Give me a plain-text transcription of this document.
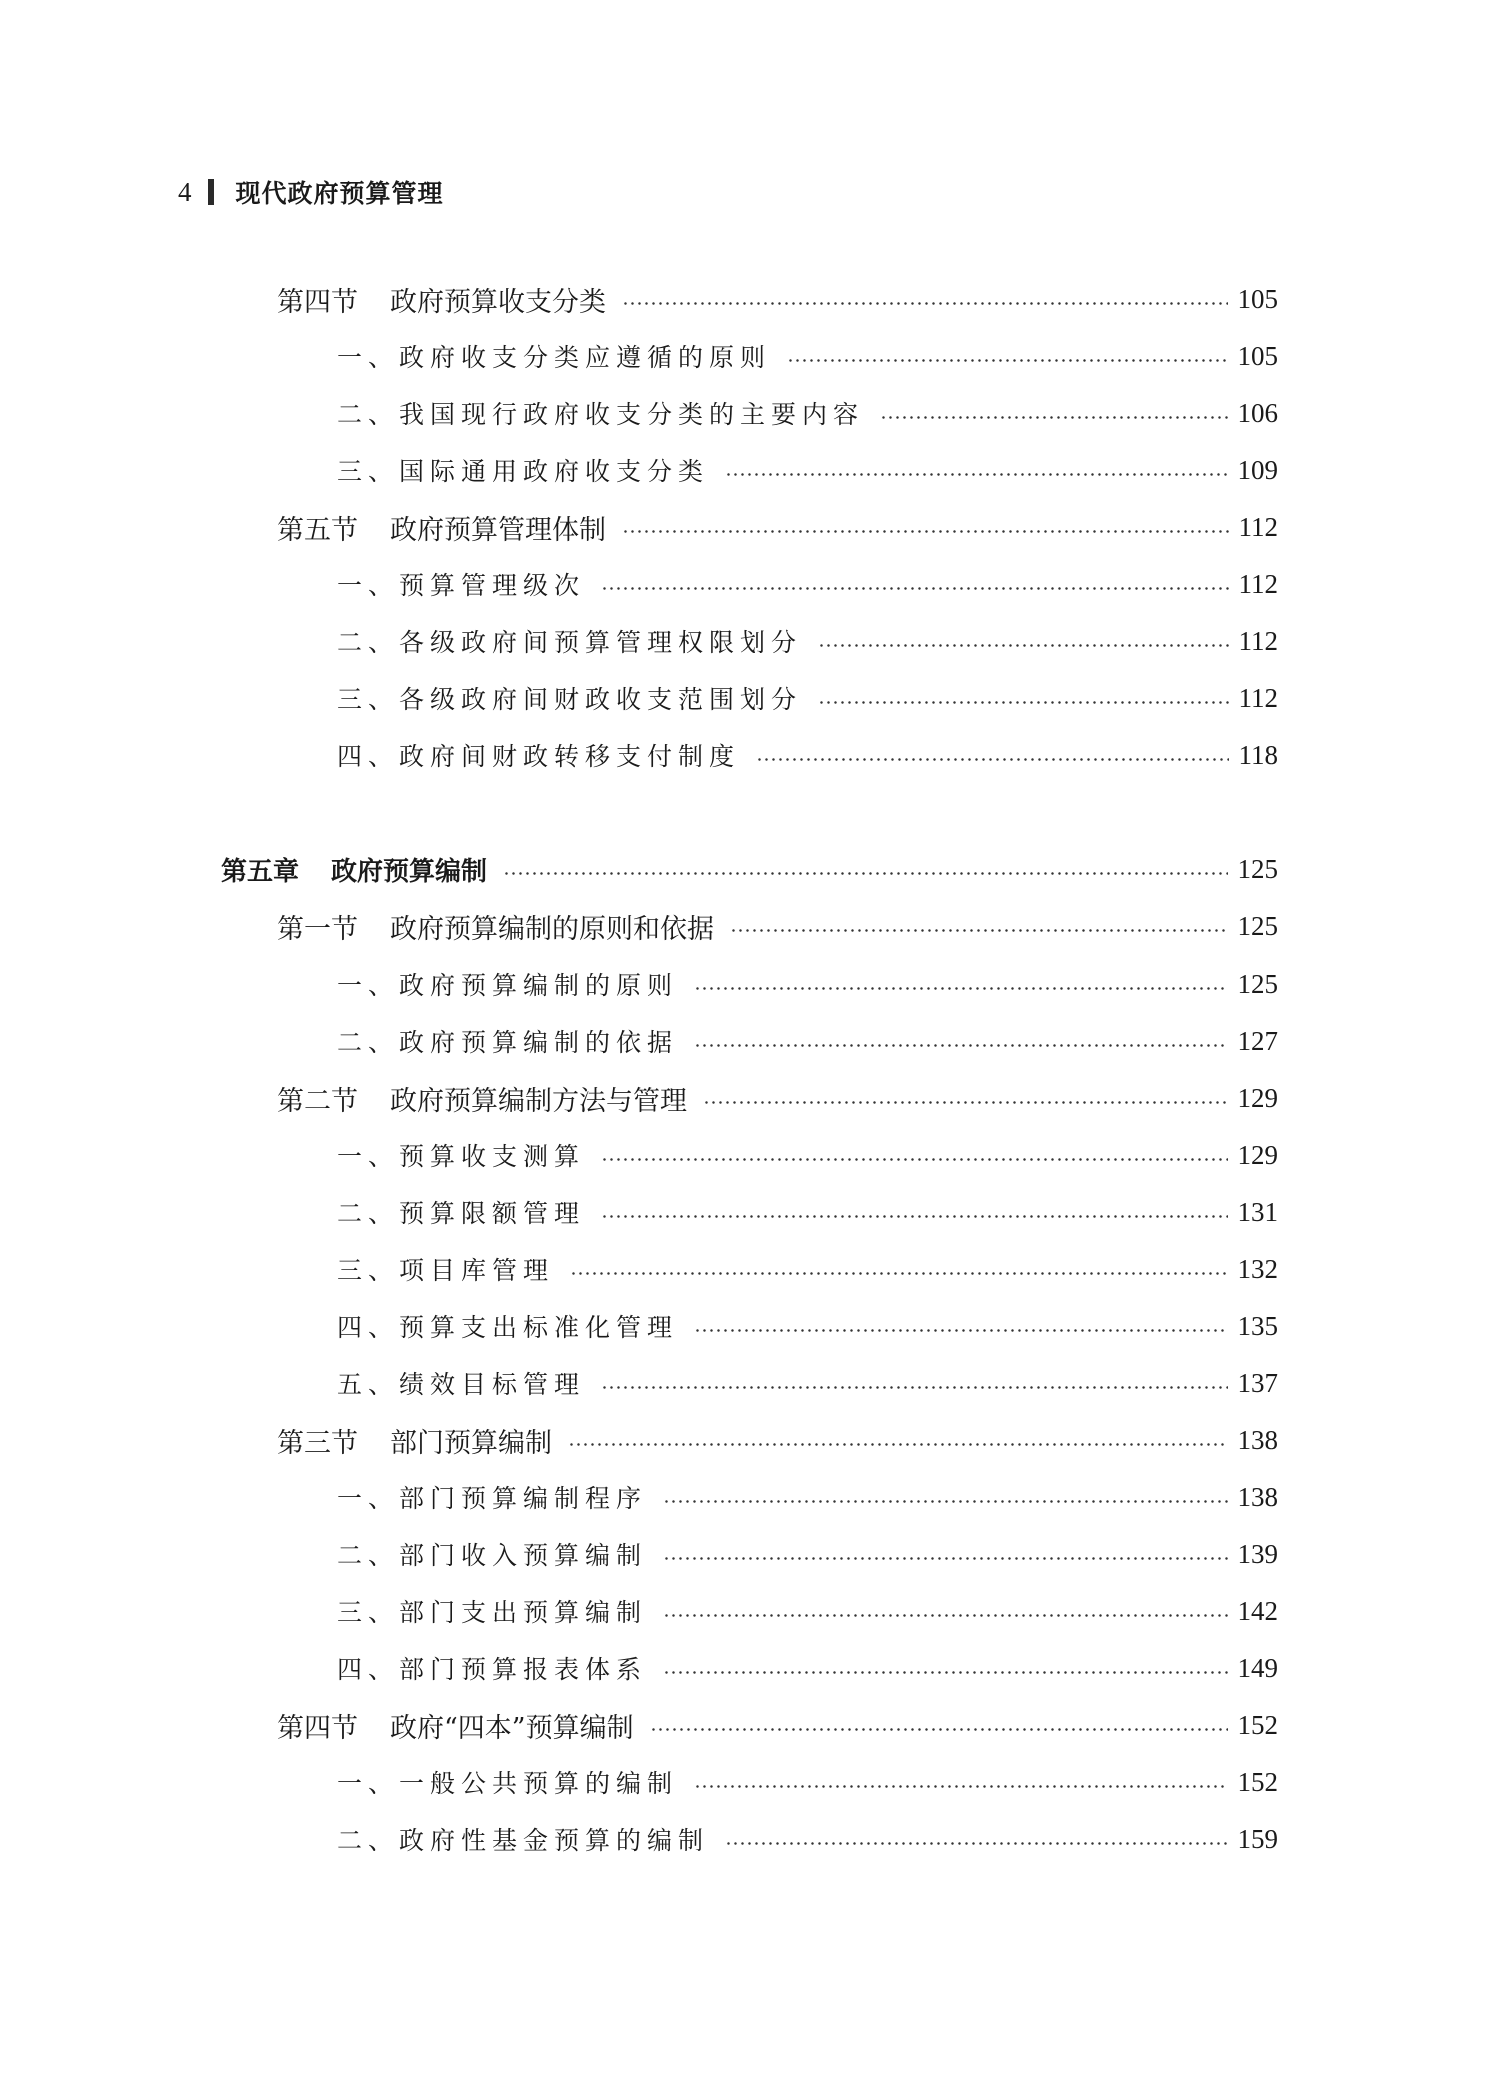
4 现代政府预算管理
第四节 政府预算收支分类	105
一、政府收支分类应遵循的原则	105
二、我国现行政府收支分类的主要内容	106
三、国际通用政府收支分类	109
第五节 政府预算管理体制	112
一、预算管理级次	112
二、各级政府间预算管理权限划分	112
三、各级政府间财政收支范围划分	112
四、政府间财政转移支付制度	118
第五章 政府预算编制	125
第一节 政府预算编制的原则和依据	125
一、政府预算编制的原则	125
二、政府预算编制的依据	127
第二节 政府预算编制方法与管理	129
一、预算收支测算	129
二、预算限额管理	131
三、项目库管理	132
四、预算支出标准化管理	135
五、绩效目标管理	137
第三节 部门预算编制	138
一、部门预算编制程序	138
二、部门收入预算编制	139
三、部门支出预算编制	142
四、部门预算报表体系	149
第四节 政府“四本”预算编制	152
一、一般公共预算的编制	152
二、政府性基金预算的编制	159
